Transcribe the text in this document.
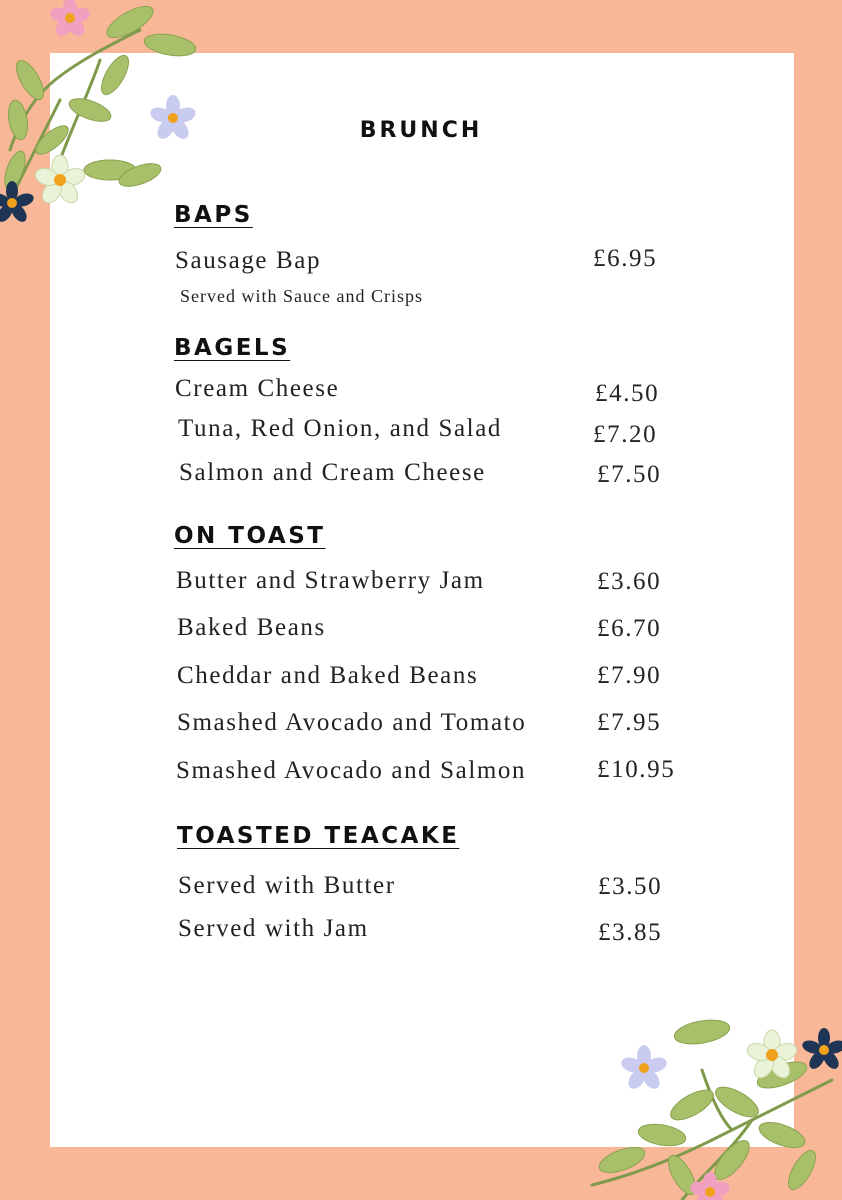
BRUNCH
BAPS
Sausage Bap	£6.95
Served with Sauce and Crisps
BAGELS
Cream Cheese	£4.50
Tuna, Red Onion, and Salad	£7.20
Salmon and Cream Cheese	£7.50
ON TOAST
Butter and Strawberry Jam	£3.60
Baked Beans	£6.70
Cheddar and Baked Beans	£7.90
Smashed Avocado and Tomato	£7.95
Smashed Avocado and Salmon	£10.95
TOASTED TEACAKE
Served with Butter	£3.50
Served with Jam	£3.85
